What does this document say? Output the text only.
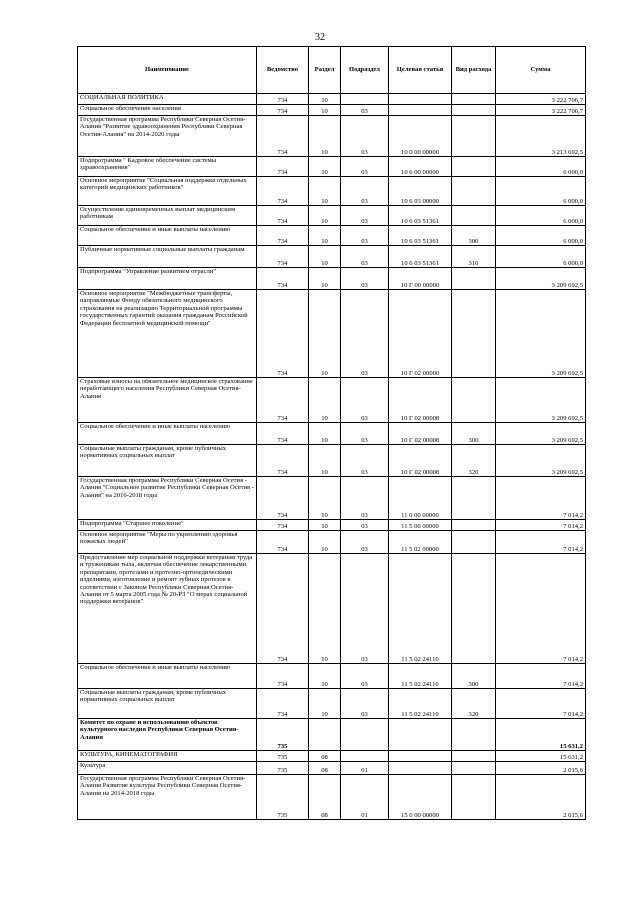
32
Наименование	Ведомство	Раздел	Подраздел	Целевая статья	Вид расхода	Сумма
СОЦИАЛЬНАЯ ПОЛИТИКА	734	10				3 222 706,7
Социальное обеспечение населения	734	10	03			3 222 706,7
Государственная программа Республики Северная Осетия-Алания "Развитие здравоохранения Республики Северная Осетия-Алания" на 2014-2020 годы	734	10	03	10 0 00 00000		3 213 692,5
Подпрограмма " Кадровое обеспечение системы здравоохранения"	734	10	03	10 6 00 00000		6 000,0
Основное мероприятие "Социальная поддержка отдельных категорий медицинских работников"	734	10	03	10 6 03 00000		6 000,0
Осуществление единовременных выплат медицинским работникам	734	10	03	10 6 03 51361		6 000,0
Социальное обеспечение и иные выплаты населению	734	10	03	10 6 03 51361	300	6 000,0
Публичные нормативные социальные выплаты гражданам	734	10	03	10 6 03 51361	310	6 000,0
Подпрограмма "Управление развитием отрасли"	734	10	03	10 Г 00 00000		3 209 692,5
Основное мероприятие "Межбюджетные трансферты, направляемые Фонду обязательного медицинского страхования на реализацию Территориальной программы государственных гарантий оказания гражданам Российской Федерации бесплатной медицинской помощи"	734	10	03	10 Г 02 00000		3 209 692,5
Страховые взносы на обязательное медицинское страхование неработающего населения Республики Северная Осетия-Алания	734	10	03	10 Г 02 00008		3 209 692,5
Социальное обеспечение и иные выплаты населению	734	10	03	10 Г 02 00008	300	3 209 692,5
Социальные выплаты гражданам, кроме публичных нормативных социальных выплат	734	10	03	10 Г 02 00008	320	3 209 692,5
Государственная программа Республики Северная Осетия - Алания "Социальное развитие Республики Северная Осетия - Алания" на 2016-2018 годы	734	10	03	11 0 00 00000		7 014,2
Подпрограмма "Старшее поколение"	734	10	03	11 5 00 00000		7 014,2
Основное мероприятие "Меры по укреплению здоровья пожилых людей"	734	10	03	11 5 02 00000		7 014,2
Предоставление мер социальной поддержки ветеранам труда и труженикам тыла, включая обеспечение лекарственными препаратами, протезами и протезно-ортопедическими изделиями, изготовление и ремонт зубных протезов в соответствии с Законом Республики Северная Осетия-Алания от 5 марта 2005 года № 20-РЗ "О мерах социальной поддержки ветеранов"	734	10	03	11 5 02 24110		7 014,2
Социальное обеспечение и иные выплаты населению	734	10	03	11 5 02 24110	300	7 014,2
Социальные выплаты гражданам, кроме публичных нормативных социальных выплат	734	10	03	11 5 02 24110	320	7 014,2
Комитет по охране и использованию объектов культурного наследия Республики Северная Осетия- Алания	735					15 631,2
КУЛЬТУРА, КИНЕМАТОГРАФИЯ	735	08				15 631,2
Культура	735	08	01			2 015,6
Государственная программа Республики Северная Осетия-Алания Развитие культуры Республики Северная Осетия-Алания на 2014-2018 годы	735	08	01	15 0 00 00000		2 015,6
